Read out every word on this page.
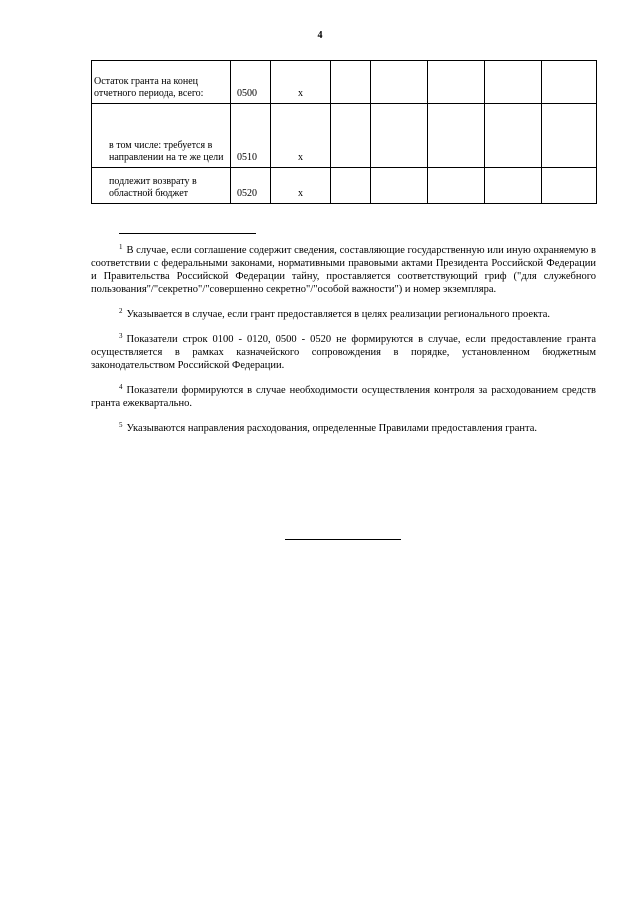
4
Остаток гранта на конец отчетного периода, всего:	0500	x					
в том числе: требуется в направлении на те же цели	0510	x					
подлежит возврату в областной бюджет	0520	x					

$^1$ В случае, если соглашение содержит сведения, составляющие государственную или иную охраняемую в соответствии с федеральными законами, нормативными правовыми актами Президента Российской Федерации и Правительства Российской Федерации тайну, проставляется соответствующий гриф ("для служебного пользования"/"секретно"/"совершенно секретно"/"особой важности") и номер экземпляра.

$^2$ Указывается в случае, если грант предоставляется в целях реализации регионального проекта.

$^3$ Показатели строк 0100 - 0120, 0500 - 0520 не формируются в случае, если предоставление гранта осуществляется в рамках казначейского сопровождения в порядке, установленном бюджетным законодательством Российской Федерации.

$^4$ Показатели формируются в случае необходимости осуществления контроля за расходованием средств гранта ежеквартально.

$^5$ Указываются направления расходования, определенные Правилами предоставления гранта.
